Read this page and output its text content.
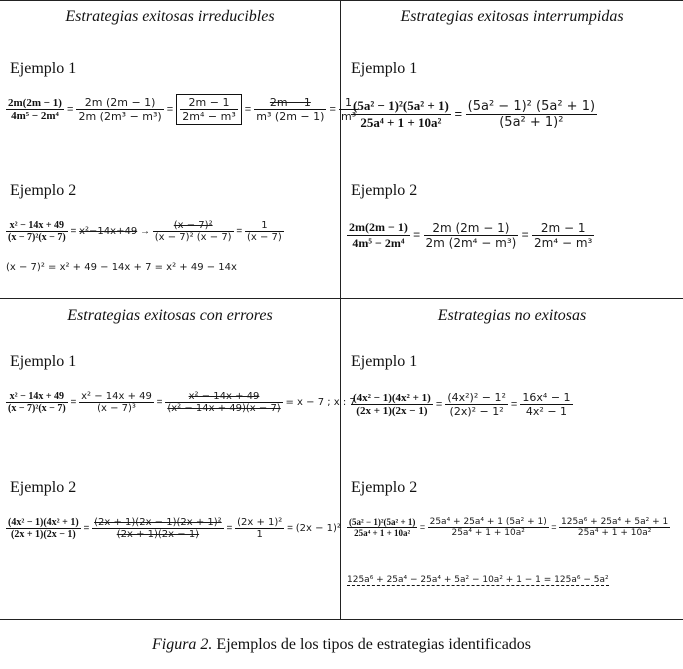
Estrategias exitosas irreducibles
Ejemplo 1
$\frac{2m(2m - 1)}{\text{4m⁵ − 2m⁴}} = \frac{2m (2m - 1)}{\text{2m (2m³ − m³)}} = \frac{2m - 1}{\text{2m⁴ − m³}} = \frac{2m - 1}{\text{m³ (2m − 1)}} = \frac{1}{\text{m³}}$
Ejemplo 2
$\frac{\text{x² − 14x + 49}}{\text{(x − 7)²(x − 7)}} = x^2-14x+49 \to \frac{\text{(x − 7)²}}{\text{(x − 7)² (x − 7)}} = \frac{1}{(x - 7)}$
(x − 7)² = x² + 49 − 14x + 7 = x² + 49 − 14x
Estrategias exitosas interrumpidas
Ejemplo 1
$\frac{\text{(5a² − 1)²(5a² + 1)}}{\text{25a⁴ + 1 + 10a²}} = \frac{\text{(5a² − 1)² (5a² + 1)}}{\text{(5a² + 1)²}}$
Ejemplo 2
$\frac{2m(2m - 1)}{\text{4m⁵ − 2m⁴}} = \frac{2m (2m - 1)}{\text{2m (2m⁴ − m³)}} = \frac{2m - 1}{\text{2m⁴ − m³}}$
Estrategias exitosas con errores
Ejemplo 1
$\frac{\text{x² − 14x + 49}}{\text{(x − 7)²(x − 7)}} = \frac{\text{x² − 14x + 49}}{\text{(x − 7)³}} = \frac{\text{x² − 14x + 49}}{\text{(x² − 14x + 49)(x − 7)}} = x - 7$ ; x : 7
Ejemplo 2
$\frac{\text{(4x² − 1)(4x² + 1)}}{(2x + 1)(2x - 1)} = \frac{\text{(2x + 1)(2x − 1)(2x + 1)²}}{(2x + 1)(2x - 1)} = \frac{\text{(2x + 1)²}}{1} = (2x - 1)^2$
Estrategias no exitosas
Ejemplo 1
$\frac{\text{(4x² − 1)(4x² + 1)}}{(2x + 1)(2x - 1)} = \frac{\text{(4x²)² − 1²}}{\text{(2x)² − 1²}} = \frac{\text{16x⁴ − 1}}{\text{4x² − 1}}$
Ejemplo 2
$\frac{\text{(5a² − 1)²(5a² + 1)}}{\text{25a⁴ + 1 + 10a²}} = \frac{\text{25a⁴ + 25a⁴ + 1 (5a² + 1)}}{\text{25a⁴ + 1 + 10a²}} = \frac{\text{125a⁶ + 25a⁴ + 5a² + 1}}{\text{25a⁴ + 1 + 10a²}}$
125a⁶ + 25a⁴ − 25a⁴ + 5a² − 10a² + 1 − 1 = 125a⁶ − 5a²
Figura 2. Ejemplos de los tipos de estrategias identificados
